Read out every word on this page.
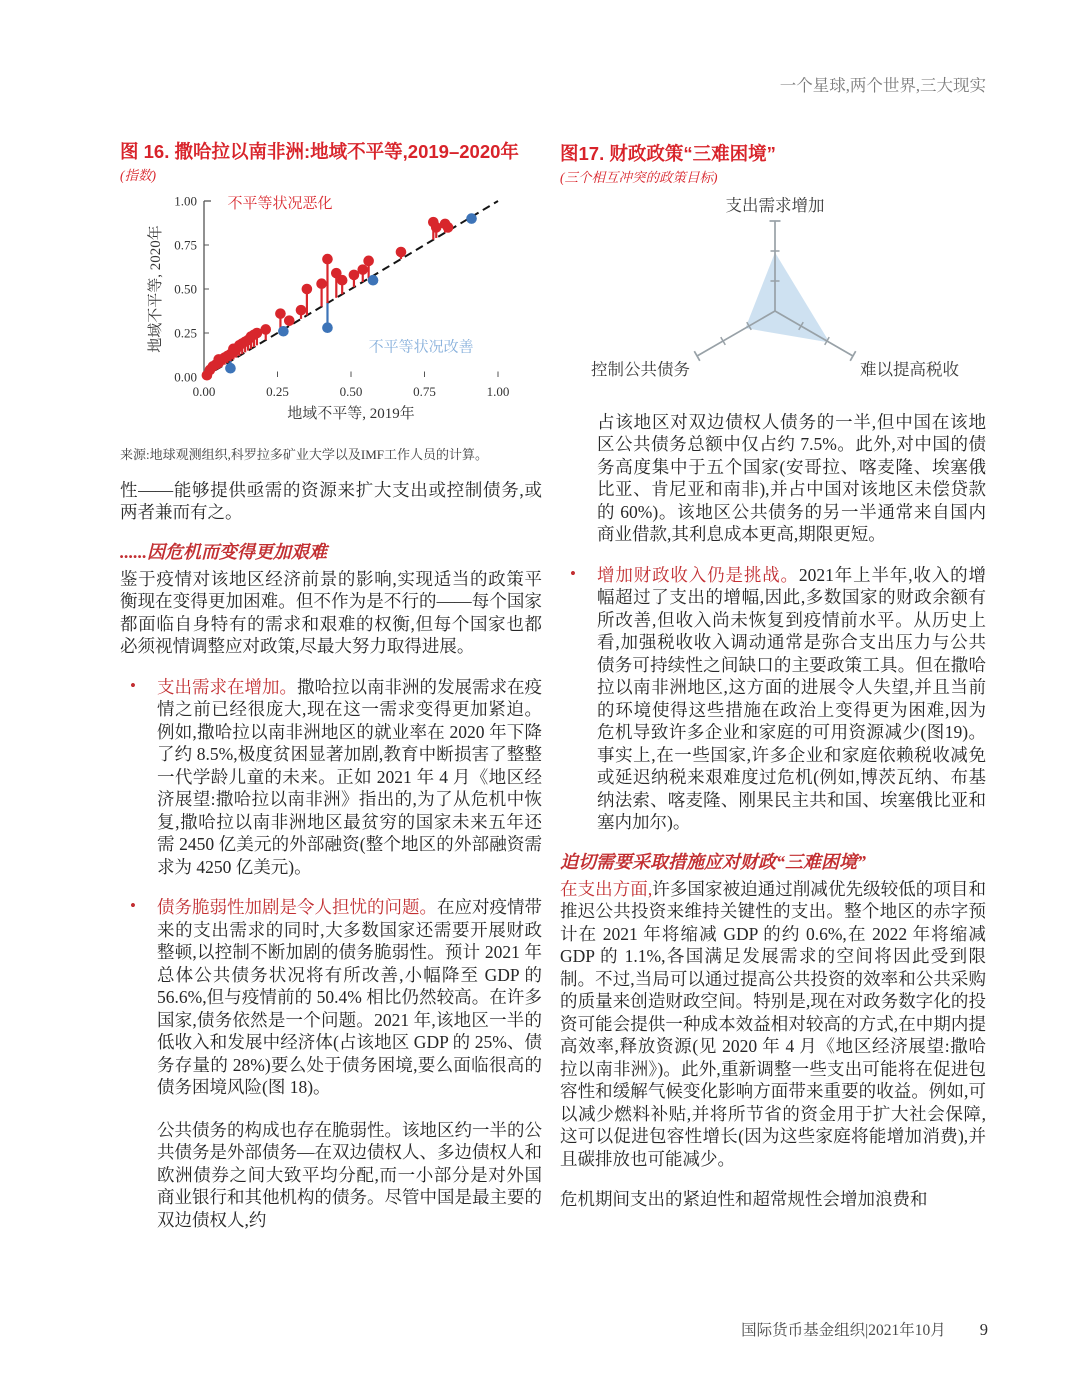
一个星球,两个世界,三大现实
图 16. 撒哈拉以南非洲:地域不平等,2019–2020年
(指数)
0.00
0.25
0.50
0.75
1.00
0.00	0.25	0.50	0.75	1.00
不平等状况恶化
不平等状况改善
地域不平等, 2020年
地域不平等, 2019年
来源:地球观测组织,科罗拉多矿业大学以及IMF工作人员的计算。

性——能够提供亟需的资源来扩大支出或控制债务,或两者兼而有之。

......因危机而变得更加艰难

鉴于疫情对该地区经济前景的影响,实现适当的政策平衡现在变得更加困难。但不作为是不行的——每个国家都面临自身特有的需求和艰难的权衡,但每个国家也都必须视情调整应对政策,尽最大努力取得进展。

• 支出需求在增加。撒哈拉以南非洲的发展需求在疫情之前已经很庞大,现在这一需求变得更加紧迫。例如,撒哈拉以南非洲地区的就业率在 2020 年下降了约 8.5%,极度贫困显著加剧,教育中断损害了整整一代学龄儿童的未来。正如 2021 年 4 月《地区经济展望:撒哈拉以南非洲》指出的,为了从危机中恢复,撒哈拉以南非洲地区最贫穷的国家未来五年还需 2450 亿美元的外部融资(整个地区的外部融资需求为 4250 亿美元)。
• 债务脆弱性加剧是令人担忧的问题。在应对疫情带来的支出需求的同时,大多数国家还需要开展财政整顿,以控制不断加剧的债务脆弱性。预计 2021 年总体公共债务状况将有所改善,小幅降至 GDP 的 56.6%,但与疫情前的 50.4% 相比仍然较高。在许多国家,债务依然是一个问题。2021 年,该地区一半的低收入和发展中经济体(占该地区 GDP 的 25%、债务存量的 28%)要么处于债务困境,要么面临很高的债务困境风险(图 18)。

公共债务的构成也存在脆弱性。该地区约一半的公共债务是外部债务—在双边债权人、多边债权人和欧洲债券之间大致平均分配,而一小部分是对外国商业银行和其他机构的债务。尽管中国是最主要的双边债权人,约

图17. 财政政策“三难困境”
(三个相互冲突的政策目标)
支出需求增加
难以提高税收
控制公共债务

占该地区对双边债权人债务的一半,但中国在该地区公共债务总额中仅占约 7.5%。此外,对中国的债务高度集中于五个国家(安哥拉、喀麦隆、埃塞俄比亚、肯尼亚和南非),并占中国对该地区未偿贷款的 60%)。该地区公共债务的另一半通常来自国内商业借款,其利息成本更高,期限更短。

• 增加财政收入仍是挑战。2021年上半年,收入的增幅超过了支出的增幅,因此,多数国家的财政余额有所改善,但收入尚未恢复到疫情前水平。从历史上看,加强税收收入调动通常是弥合支出压力与公共债务可持续性之间缺口的主要政策工具。但在撒哈拉以南非洲地区,这方面的进展令人失望,并且当前的环境使得这些措施在政治上变得更为困难,因为危机导致许多企业和家庭的可用资源减少(图19)。事实上,在一些国家,许多企业和家庭依赖税收减免或延迟纳税来艰难度过危机(例如,博茨瓦纳、布基纳法索、喀麦隆、刚果民主共和国、埃塞俄比亚和塞内加尔)。
迫切需要采取措施应对财政“三难困境”

在支出方面,许多国家被迫通过削减优先级较低的项目和推迟公共投资来维持关键性的支出。整个地区的赤字预计在 2021 年将缩减 GDP 的约 0.6%,在 2022 年将缩减 GDP 的 1.1%,各国满足发展需求的空间将因此受到限制。不过,当局可以通过提高公共投资的效率和公共采购的质量来创造财政空间。特别是,现在对政务数字化的投资可能会提供一种成本效益相对较高的方式,在中期内提高效率,释放资源(见 2020 年 4 月《地区经济展望:撒哈拉以南非洲》)。此外,重新调整一些支出可能将在促进包容性和缓解气候变化影响方面带来重要的收益。例如,可以减少燃料补贴,并将所节省的资金用于扩大社会保障,这可以促进包容性增长(因为这些家庭将能增加消费),并且碳排放也可能减少。

危机期间支出的紧迫性和超常规性会增加浪费和

国际货币基金组织|2021年10月 9
